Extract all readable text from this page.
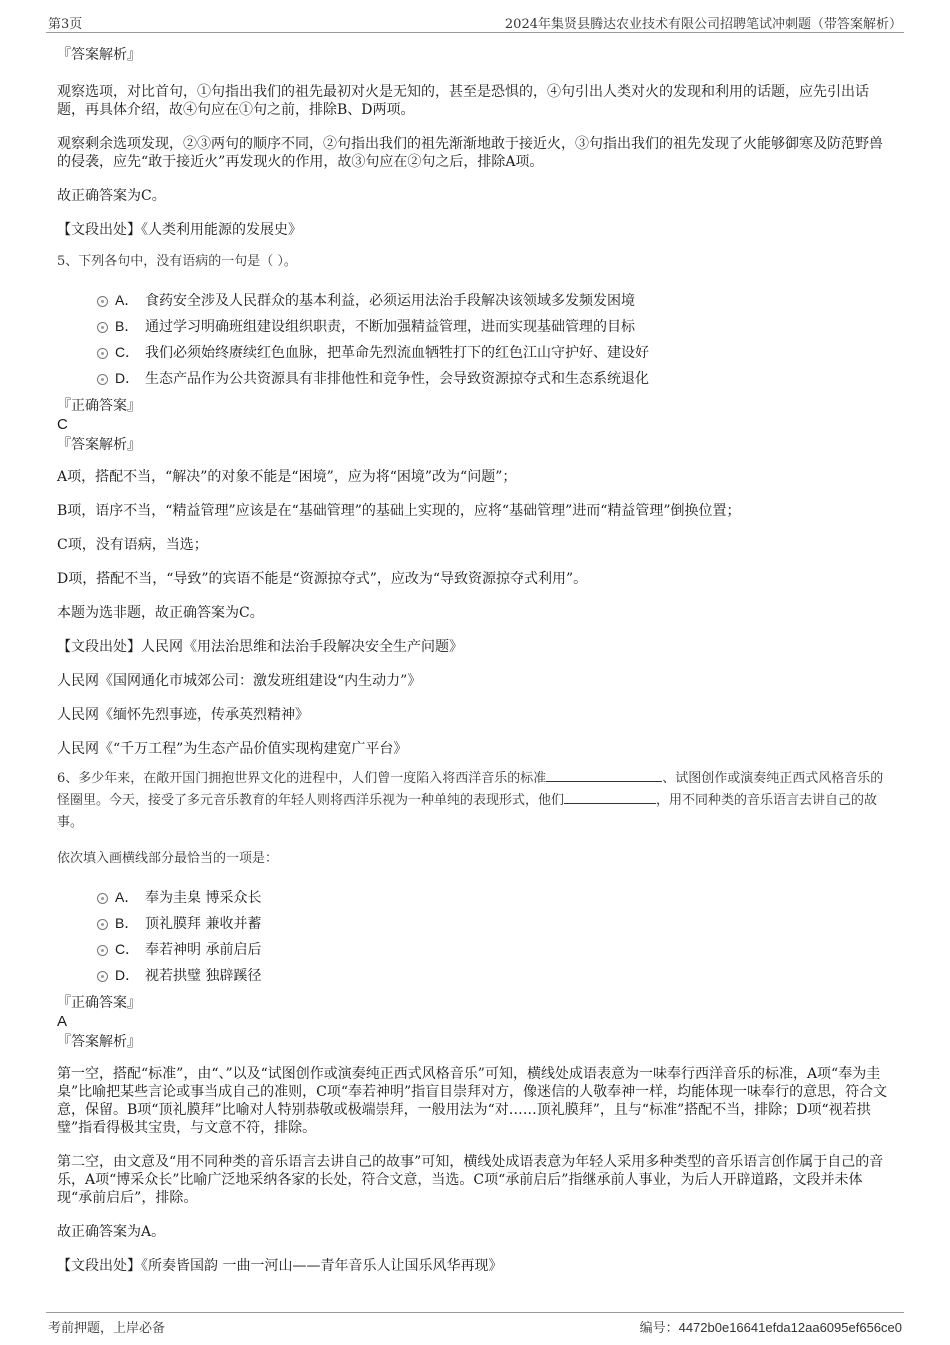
第3页	2024年集贤县腾达农业技术有限公司招聘笔试冲刺题（带答案解析）
『答案解析』

观察选项，对比首句，①句指出我们的祖先最初对火是无知的，甚至是恐惧的，④句引出人类对火的发现和利用的话题，应先引出话题，再具体介绍，故④句应在①句之前，排除B、D两项。

观察剩余选项发现，②③两句的顺序不同，②句指出我们的祖先渐渐地敢于接近火，③句指出我们的祖先发现了火能够御寒及防范野兽的侵袭，应先“敢于接近火”再发现火的作用，故③句应在②句之后，排除A项。

故正确答案为C。

【文段出处】《人类利用能源的发展史》

5、下列各句中，没有语病的一句是（ ）。

A． 食药安全涉及人民群众的基本利益，必须运用法治手段解决该领域多发频发困境
B． 通过学习明确班组建设组织职责，不断加强精益管理，进而实现基础管理的目标
C． 我们必须始终赓续红色血脉，把革命先烈流血牺牲打下的红色江山守护好、建设好
D． 生态产品作为公共资源具有非排他性和竞争性，会导致资源掠夺式和生态系统退化
『正确答案』
C
『答案解析』

A项，搭配不当，“解决”的对象不能是“困境”，应为将“困境”改为“问题”；

B项，语序不当，“精益管理”应该是在“基础管理”的基础上实现的，应将“基础管理”进而“精益管理”倒换位置；

C项，没有语病，当选；

D项，搭配不当，“导致”的宾语不能是“资源掠夺式”，应改为“导致资源掠夺式利用”。

本题为选非题，故正确答案为C。

【文段出处】人民网《用法治思维和法治手段解决安全生产问题》

人民网《国网通化市城郊公司：激发班组建设“内生动力”》

人民网《缅怀先烈事迹，传承英烈精神》

人民网《“千万工程”为生态产品价值实现构建宽广平台》

6、多少年来，在敞开国门拥抱世界文化的进程中，人们曾一度陷入将西洋音乐的标准	、试图创作或演奏纯正西式风格音乐的怪圈里。今天，接受了多元音乐教育的年轻人则将西洋乐视为一种单纯的表现形式，他们	，用不同种类的音乐语言去讲自己的故事。

依次填入画横线部分最恰当的一项是：

A． 奉为圭臬 博采众长
B． 顶礼膜拜 兼收并蓄
C． 奉若神明 承前启后
D． 视若拱璧 独辟蹊径
『正确答案』
A
『答案解析』

第一空，搭配“标准”，由“、”以及“试图创作或演奏纯正西式风格音乐”可知，横线处成语表意为一味奉行西洋音乐的标准，A项“奉为圭臬”比喻把某些言论或事当成自己的准则，C项“奉若神明”指盲目崇拜对方，像迷信的人敬奉神一样，均能体现一味奉行的意思，符合文意，保留。B项“顶礼膜拜”比喻对人特别恭敬或极端崇拜，一般用法为“对……顶礼膜拜”，且与“标准”搭配不当，排除；D项“视若拱璧”指看得极其宝贵，与文意不符，排除。

第二空，由文意及“用不同种类的音乐语言去讲自己的故事”可知，横线处成语表意为年轻人采用多种类型的音乐语言创作属于自己的音乐，A项“博采众长”比喻广泛地采纳各家的长处，符合文意，当选。C项“承前启后”指继承前人事业，为后人开辟道路，文段并未体现“承前启后”，排除。

故正确答案为A。

【文段出处】《所奏皆国韵 一曲一河山——青年音乐人让国乐风华再现》

考前押题，上岸必备	编号：4472b0e16641efda12aa6095ef656ce0
